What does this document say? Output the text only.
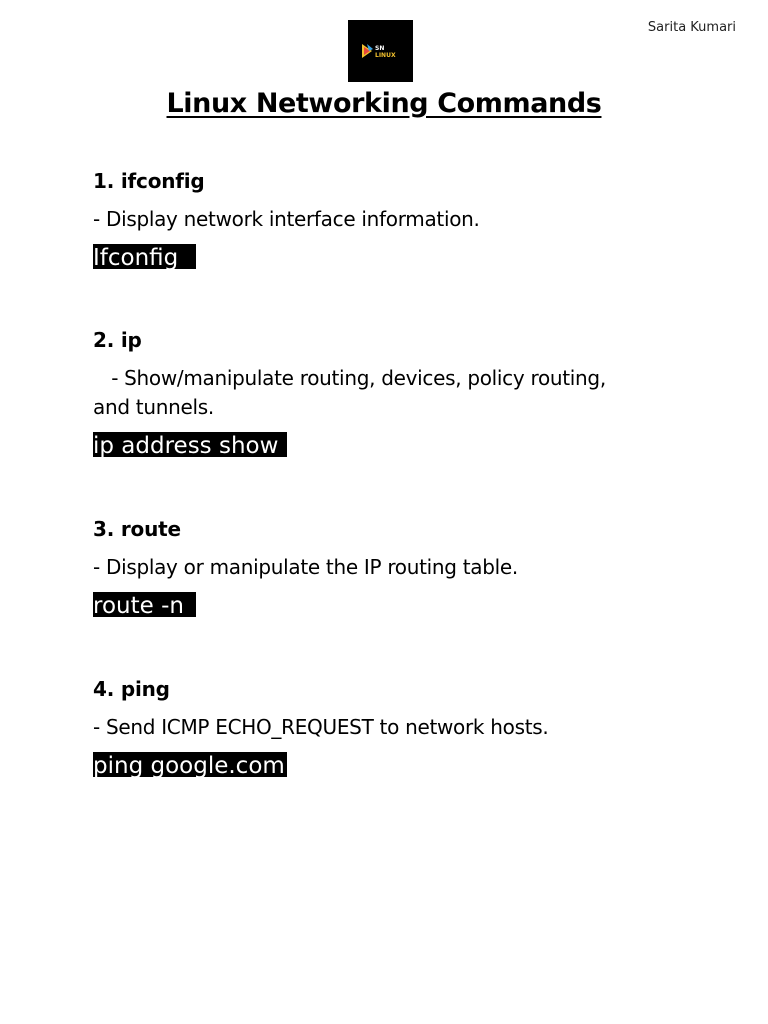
Sarita Kumari
SN
LINUX
Linux Networking Commands

1. ifconfig

- Display network interface information.

Ifconfig

2. ip

- Show/manipulate routing, devices, policy routing,
and tunnels.

ip address show

3. route

- Display or manipulate the IP routing table.

route -n

4. ping

- Send ICMP ECHO_REQUEST to network hosts.

ping google.com
